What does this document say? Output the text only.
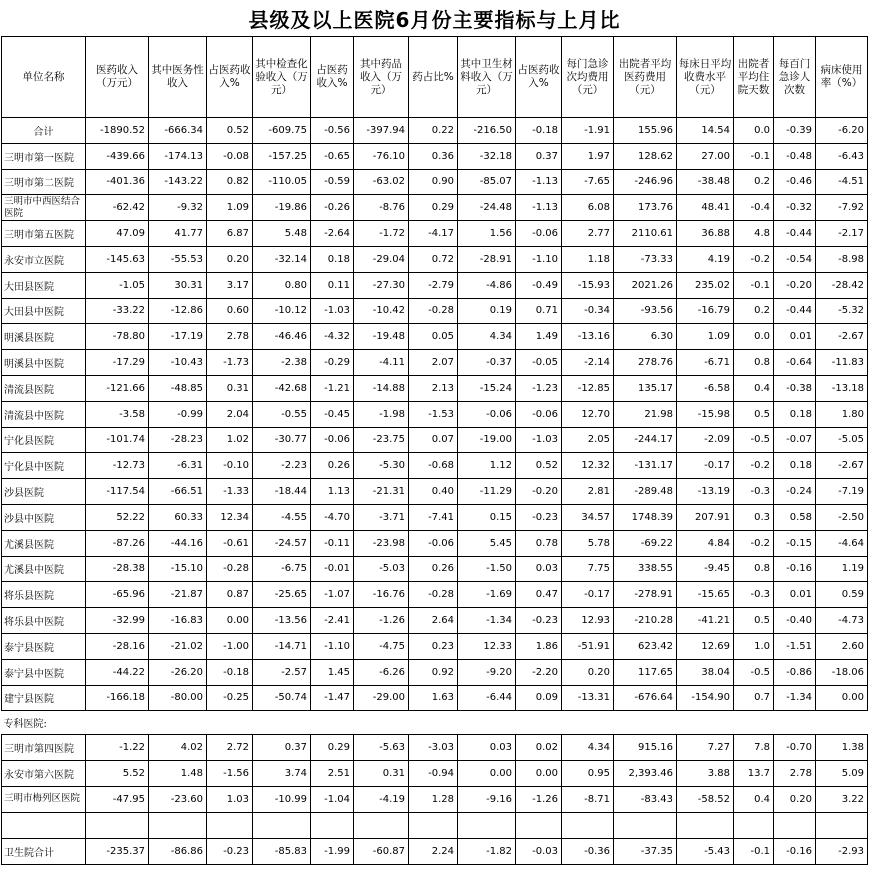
县级及以上医院6月份主要指标与上月比
单位名称	医药收入（万元）	其中医务性收入	占医药收入%	其中检查化验收入（万元）	占医药收入%	其中药品收入（万元）	药占比%	其中卫生材料收入（万元）	占医药收入%	每门急诊次均费用（元）	出院者平均医药费用（元）	每床日平均收费水平（元）	出院者平均住院天数	每百门急诊人次数	病床使用率（%）
合计	-1890.52	-666.34	0.52	-609.75	-0.56	-397.94	0.22	-216.50	-0.18	-1.91	155.96	14.54	0.0	-0.39	-6.20
三明市第一医院	-439.66	-174.13	-0.08	-157.25	-0.65	-76.10	0.36	-32.18	0.37	1.97	128.62	27.00	-0.1	-0.48	-6.43
三明市第二医院	-401.36	-143.22	0.82	-110.05	-0.59	-63.02	0.90	-85.07	-1.13	-7.65	-246.96	-38.48	0.2	-0.46	-4.51
三明市中西医结合医院	-62.42	-9.32	1.09	-19.86	-0.26	-8.76	0.29	-24.48	-1.13	6.08	173.76	48.41	-0.4	-0.32	-7.92
三明市第五医院	47.09	41.77	6.87	5.48	-2.64	-1.72	-4.17	1.56	-0.06	2.77	2110.61	36.88	4.8	-0.44	-2.17
永安市立医院	-145.63	-55.53	0.20	-32.14	0.18	-29.04	0.72	-28.91	-1.10	1.18	-73.33	4.19	-0.2	-0.54	-8.98
大田县医院	-1.05	30.31	3.17	0.80	0.11	-27.30	-2.79	-4.86	-0.49	-15.93	2021.26	235.02	-0.1	-0.20	-28.42
大田县中医院	-33.22	-12.86	0.60	-10.12	-1.03	-10.42	-0.28	0.19	0.71	-0.34	-93.56	-16.79	0.2	-0.44	-5.32
明溪县医院	-78.80	-17.19	2.78	-46.46	-4.32	-19.48	0.05	4.34	1.49	-13.16	6.30	1.09	0.0	0.01	-2.67
明溪县中医院	-17.29	-10.43	-1.73	-2.38	-0.29	-4.11	2.07	-0.37	-0.05	-2.14	278.76	-6.71	0.8	-0.64	-11.83
清流县医院	-121.66	-48.85	0.31	-42.68	-1.21	-14.88	2.13	-15.24	-1.23	-12.85	135.17	-6.58	0.4	-0.38	-13.18
清流县中医院	-3.58	-0.99	2.04	-0.55	-0.45	-1.98	-1.53	-0.06	-0.06	12.70	21.98	-15.98	0.5	0.18	1.80
宁化县医院	-101.74	-28.23	1.02	-30.77	-0.06	-23.75	0.07	-19.00	-1.03	2.05	-244.17	-2.09	-0.5	-0.07	-5.05
宁化县中医院	-12.73	-6.31	-0.10	-2.23	0.26	-5.30	-0.68	1.12	0.52	12.32	-131.17	-0.17	-0.2	0.18	-2.67
沙县医院	-117.54	-66.51	-1.33	-18.44	1.13	-21.31	0.40	-11.29	-0.20	2.81	-289.48	-13.19	-0.3	-0.24	-7.19
沙县中医院	52.22	60.33	12.34	-4.55	-4.70	-3.71	-7.41	0.15	-0.23	34.57	1748.39	207.91	0.3	0.58	-2.50
尤溪县医院	-87.26	-44.16	-0.61	-24.57	-0.11	-23.98	-0.06	5.45	0.78	5.78	-69.22	4.84	-0.2	-0.15	-4.64
尤溪县中医院	-28.38	-15.10	-0.28	-6.75	-0.01	-5.03	0.26	-1.50	0.03	7.75	338.55	-9.45	0.8	-0.16	1.19
将乐县医院	-65.96	-21.87	0.87	-25.65	-1.07	-16.76	-0.28	-1.69	0.47	-0.17	-278.91	-15.65	-0.3	0.01	0.59
将乐县中医院	-32.99	-16.83	0.00	-13.56	-2.41	-1.26	2.64	-1.34	-0.23	12.93	-210.28	-41.21	0.5	-0.40	-4.73
泰宁县医院	-28.16	-21.02	-1.00	-14.71	-1.10	-4.75	0.23	12.33	1.86	-51.91	623.42	12.69	1.0	-1.51	2.60
泰宁县中医院	-44.22	-26.20	-0.18	-2.57	1.45	-6.26	0.92	-9.20	-2.20	0.20	117.65	38.04	-0.5	-0.86	-18.06
建宁县医院	-166.18	-80.00	-0.25	-50.74	-1.47	-29.00	1.63	-6.44	0.09	-13.31	-676.64	-154.90	0.7	-1.34	0.00
专科医院:															
三明市第四医院	-1.22	4.02	2.72	0.37	0.29	-5.63	-3.03	0.03	0.02	4.34	915.16	7.27	7.8	-0.70	1.38
永安市第六医院	5.52	1.48	-1.56	3.74	2.51	0.31	-0.94	0.00	0.00	0.95	2,393.46	3.88	13.7	2.78	5.09
三明市梅列区医院	-47.95	-23.60	1.03	-10.99	-1.04	-4.19	1.28	-9.16	-1.26	-8.71	-83.43	-58.52	0.4	0.20	3.22

卫生院合计	-235.37	-86.86	-0.23	-85.83	-1.99	-60.87	2.24	-1.82	-0.03	-0.36	-37.35	-5.43	-0.1	-0.16	-2.93
